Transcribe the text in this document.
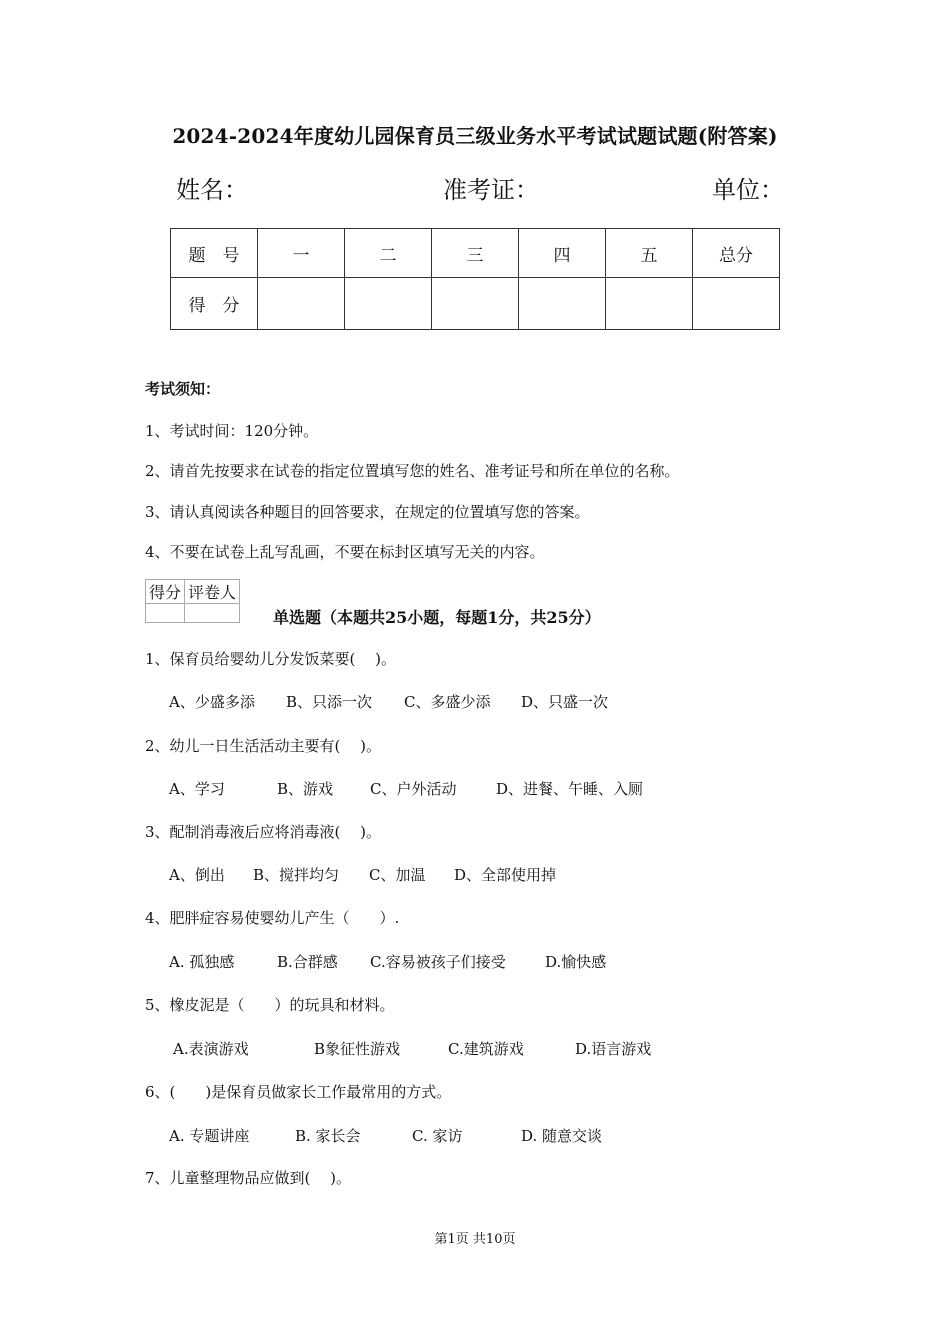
2024-2024年度幼儿园保育员三级业务水平考试试题试题(附答案)
姓名：	准考证：	单位：
题　号	一	二	三	四	五	总分
得　分						
考试须知：
1、考试时间：120分钟。
2、请首先按要求在试卷的指定位置填写您的姓名、准考证号和所在单位的名称。
3、请认真阅读各种题目的回答要求，在规定的位置填写您的答案。
4、不要在试卷上乱写乱画，不要在标封区填写无关的内容。
得分	评卷人

单选题（本题共25小题，每题1分，共25分）
1、保育员给婴幼儿分发饭菜要(　 )。
A、少盛多添 B、只添一次 C、多盛少添 D、只盛一次
2、幼儿一日生活活动主要有(　 )。
A、学习	B、游戏 C、户外活动	D、进餐、午睡、入厕
3、配制消毒液后应将消毒液(　 )。
A、倒出 B、搅拌均匀 C、加温 D、全部使用掉
4、肥胖症容易使婴幼儿产生（　　）.
A. 孤独感	B.合群感 C.容易被孩子们接受	D.愉快感
5、橡皮泥是（　　）的玩具和材料。
A.表演游戏	B象征性游戏	C.建筑游戏	D.语言游戏
6、(　　)是保育员做家长工作最常用的方式。
A. 专题讲座	B. 家长会	C. 家访	D. 随意交谈
7、儿童整理物品应做到(　 )。
第1页 共10页
